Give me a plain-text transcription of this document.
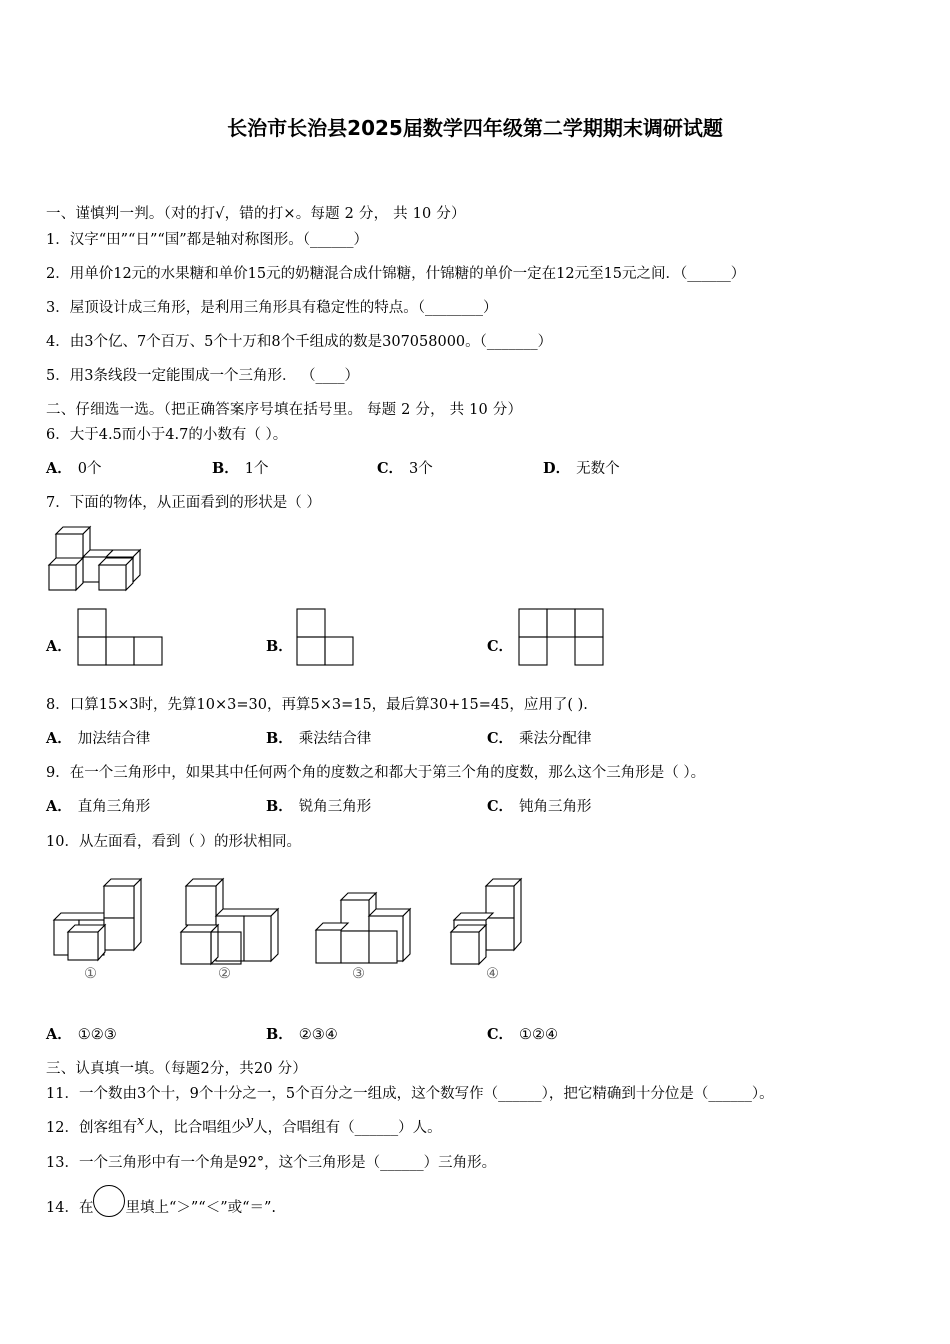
长治市长治县2025届数学四年级第二学期期末调研试题
一、谨慎判一判。（对的打√，错的打×。每题 2 分， 共 10 分）
1．汉字“田”“日”“国”都是轴对称图形。（______）
2．用单价12元的水果糖和单价15元的奶糖混合成什锦糖，什锦糖的单价一定在12元至15元之间．（______）
3．屋顶设计成三角形，是利用三角形具有稳定性的特点。（________）
4．由3个亿、7个百万、5个十万和8个千组成的数是307058000。（_______）
5．用3条线段一定能围成一个三角形． （____）
二、仔细选一选。（把正确答案序号填在括号里。 每题 2 分， 共 10 分）
6．大于4.5而小于4.7的小数有（ ）。
A． 0个	B． 1个	C． 3个	D． 无数个
7．下面的物体，从正面看到的形状是（ ）
A．	B．	C．
8．口算15×3时，先算10×3=30，再算5×3=15，最后算30+15=45，应用了( ).
A． 加法结合律	B． 乘法结合律	C． 乘法分配律
9．在一个三角形中，如果其中任何两个角的度数之和都大于第三个角的度数，那么这个三角形是（ ）。
A． 直角三角形	B． 锐角三角形	C． 钝角三角形
10．从左面看，看到（ ）的形状相同。
①	②	③	④
A． ①②③	B． ②③④	C． ①②④
三、认真填一填。（每题2分，共20 分）
11．一个数由3个十，9个十分之一，5个百分之一组成，这个数写作（______），把它精确到十分位是（______）。
12．创客组有x人，比合唱组少y人，合唱组有（______）人。
13．一个三角形中有一个角是92°，这个三角形是（______）三角形。
14．在 里填上“＞”“＜”或“＝”.
